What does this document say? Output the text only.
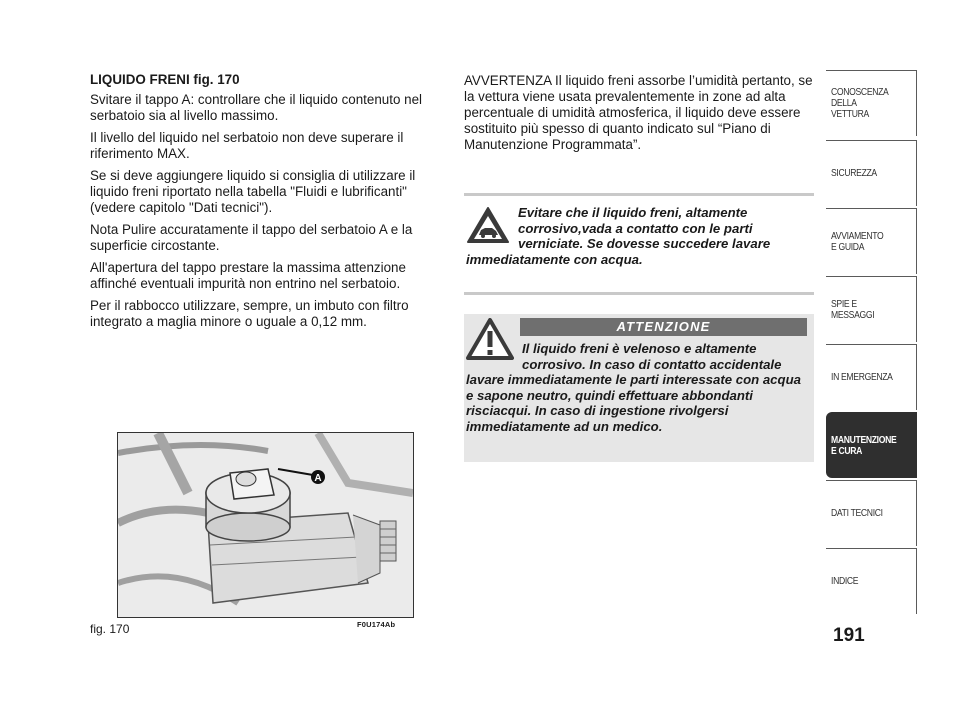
LIQUIDO FRENI fig. 170

Svitare il tappo A: controllare che il liquido contenuto nel serbatoio sia al livello massimo.

Il livello del liquido nel serbatoio non deve superare il riferimento MAX.

Se si deve aggiungere liquido si consiglia di utilizzare il liquido freni riportato nella tabella "Fluidi e lubrificanti" (vedere capitolo "Dati tecnici").

Nota Pulire accuratamente il tappo del serbatoio A e la superficie circostante.

All'apertura del tappo prestare la massima attenzione affinché eventuali impurità non entrino nel serbatoio.

Per il rabbocco utilizzare, sempre, un imbuto con filtro integrato a maglia minore o uguale a 0,12 mm.

A
fig. 170	F0U174Ab

AVVERTENZA Il liquido freni assorbe l’umidità pertanto, se la vettura viene usata prevalentemente in zone ad alta percentuale di umidità atmosferica, il liquido deve essere sostituito più spesso di quanto indicato sul “Piano di Manutenzione Programmata”.

Evitare che il liquido freni, altamente corrosivo,vada a contatto con le parti verniciate. Se dovesse succedere lavare immediatamente con acqua.

ATTENZIONE

Il liquido freni è velenoso e altamente corrosivo. In caso di contatto accidentale lavare immediatamente le parti interessate con acqua e sapone neutro, quindi effettuare abbondanti risciacqui. In caso di ingestione rivolgersi immediatamente ad un medico.

CONOSCENZA
DELLA
VETTURA
SICUREZZA
AVVIAMENTO
E GUIDA
SPIE E
MESSAGGI
IN EMERGENZA
MANUTENZIONE
E CURA
DATI TECNICI
INDICE
191
